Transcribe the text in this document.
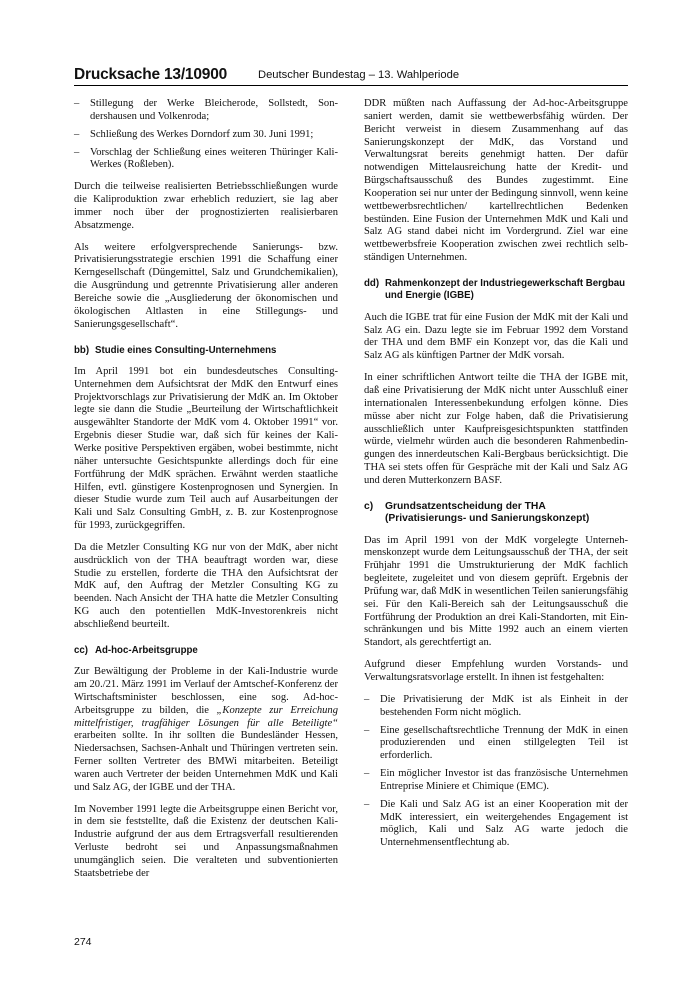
Drucksache 13/10900	Deutscher Bundestag – 13. Wahlperiode
– Stillegung der Werke Bleicherode, Sollstedt, Sondershausen und Volkenroda;
– Schließung des Werkes Dorndorf zum 30. Juni 1991;
– Vorschlag der Schließung eines weiteren Thüringer Kali-Werkes (Roßleben).

Durch die teilweise realisierten Betriebsschließungen wurde die Kaliproduktion zwar erheblich reduziert, sie lag aber immer noch über der prognostizierten realisierbaren Absatzmenge.

Als weitere erfolgversprechende Sanierungs- bzw. Privatisierungsstrategie erschien 1991 die Schaffung einer Kerngesellschaft (Düngemittel, Salz und Grundchemikalien), die Ausgründung und getrennte Privatisierung aller anderen Bereiche sowie die „Ausgliederung der ökonomischen und ökologischen Altlasten in eine Stillegungs- und Sanierungsgesellschaft“.

bb) Studie eines Consulting-Unternehmens

Im April 1991 bot ein bundesdeutsches Consulting-Unternehmen dem Aufsichtsrat der MdK den Entwurf eines Projektvorschlags zur Privatisierung der MdK an. Im Oktober legte sie dann die Studie „Beurteilung der Wirtschaftlichkeit ausgewählter Standorte der MdK vom 4. Oktober 1991“ vor. Ergebnis dieser Studie war, daß sich für keines der Kali-Werke positive Perspektiven ergäben, wobei bestimmte, nicht näher untersuchte Gesichtspunkte allerdings doch für eine Fortführung der MdK sprächen. Erwähnt werden staatliche Hilfen, evtl. günstigere Kostenprognosen und Synergien. In dieser Studie wurde zum Teil auch auf Ausarbeitungen der Kali und Salz Consulting GmbH, z. B. zur Kostenprognose für 1993, zurückgegriffen.

Da die Metzler Consulting KG nur von der MdK, aber nicht ausdrücklich von der THA beauftragt worden war, diese Studie zu erstellen, forderte die THA den Aufsichtsrat der MdK auf, den Auftrag der Metzler Consulting KG zu beenden. Nach Ansicht der THA hatte die Metzler Consulting KG auch den potentiellen MdK-Investorenkreis nicht abschließend beurteilt.

cc) Ad-hoc-Arbeitsgruppe

Zur Bewältigung der Probleme in der Kali-Industrie wurde am 20./21. März 1991 im Verlauf der Amtschef-Konferenz der Wirtschaftsminister beschlossen, eine sog. Ad-hoc-Arbeitsgruppe zu bilden, die „Konzepte zur Erreichung mittelfristiger, tragfähiger Lösungen für alle Beteiligte“ erarbeiten sollte. In ihr sollten die Bundesländer Hessen, Niedersachsen, Sachsen-Anhalt und Thüringen vertreten sein. Ferner sollten Vertreter des BMWi mitarbeiten. Beteiligt waren auch Vertreter der beiden Unternehmen MdK und Kali und Salz AG, der IGBE und der THA.

Im November 1991 legte die Arbeitsgruppe einen Bericht vor, in dem sie feststellte, daß die Existenz der deutschen Kali-Industrie aufgrund der aus dem Ertragsverfall resultierenden Verluste bedroht sei und Anpassungsmaßnahmen unumgänglich seien. Die veralteten und subventionierten Staatsbetriebe der

DDR müßten nach Auffassung der Ad-hoc-Arbeitsgruppe saniert werden, damit sie wettbewerbsfähig würden. Der Bericht verweist in diesem Zusammenhang auf das Sanierungskonzept der MdK, das Vorstand und Verwaltungsrat bereits genehmigt hatten. Der dafür notwendigen Mittelausreichung hatte der Kredit- und Bürgschaftsausschuß des Bundes zugestimmt. Eine Kooperation sei nur unter der Bedingung sinnvoll, wenn keine wettbewerbsrechtlichen/ kartellrechtlichen Bedenken bestünden. Eine Fusion der Unternehmen MdK und Kali und Salz AG stand dabei nicht im Vordergrund. Ziel war eine wettbewerbsfreie Kooperation zwischen zwei rechtlich selbständigen Unternehmen.

dd) Rahmenkonzept der Industriegewerkschaft Bergbau und Energie (IGBE)

Auch die IGBE trat für eine Fusion der MdK mit der Kali und Salz AG ein. Dazu legte sie im Februar 1992 dem Vorstand der THA und dem BMF ein Konzept vor, das die Kali und Salz AG als künftigen Partner der MdK vorsah.

In einer schriftlichen Antwort teilte die THA der IGBE mit, daß eine Privatisierung der MdK nicht unter Ausschluß einer internationalen Interessenbekundung erfolgen könne. Dies müsse aber nicht zur Folge haben, daß die Privatisierung ausschließlich unter Kaufpreisgesichtspunkten stattfinden würde, vielmehr würden auch die besonderen Rahmenbedingungen des innerdeutschen Kali-Bergbaus berücksichtigt. Die THA sei stets offen für Gespräche mit der Kali und Salz AG und deren Mutterkonzern BASF.

c)	Grundsatzentscheidung der THA (Privatisierungs- und Sanierungskonzept)

Das im April 1991 von der MdK vorgelegte Unternehmenskonzept wurde dem Leitungsausschuß der THA, der seit Frühjahr 1991 die Umstrukturierung der MdK fachlich begleitete, zugeleitet und von diesem geprüft. Ergebnis der Prüfung war, daß MdK in wesentlichen Teilen sanierungsfähig sei. Für den Kali-Bereich sah der Leitungsausschuß die Fortführung der Produktion an drei Kali-Standorten, mit Einschränkungen und bis Mitte 1992 auch an einem vierten Standort, als gerechtfertigt an.

Aufgrund dieser Empfehlung wurden Vorstands- und Verwaltungsratsvorlage erstellt. In ihnen ist festgehalten:

– Die Privatisierung der MdK ist als Einheit in der bestehenden Form nicht möglich.
– Eine gesellschaftsrechtliche Trennung der MdK in einen produzierenden und einen stillgelegten Teil ist erforderlich.
– Ein möglicher Investor ist das französische Unternehmen Entreprise Miniere et Chimique (EMC).
– Die Kali und Salz AG ist an einer Kooperation mit der MdK interessiert, ein weitergehendes Engagement ist möglich, Kali und Salz AG warte jedoch die Unternehmensentflechtung ab.
274
